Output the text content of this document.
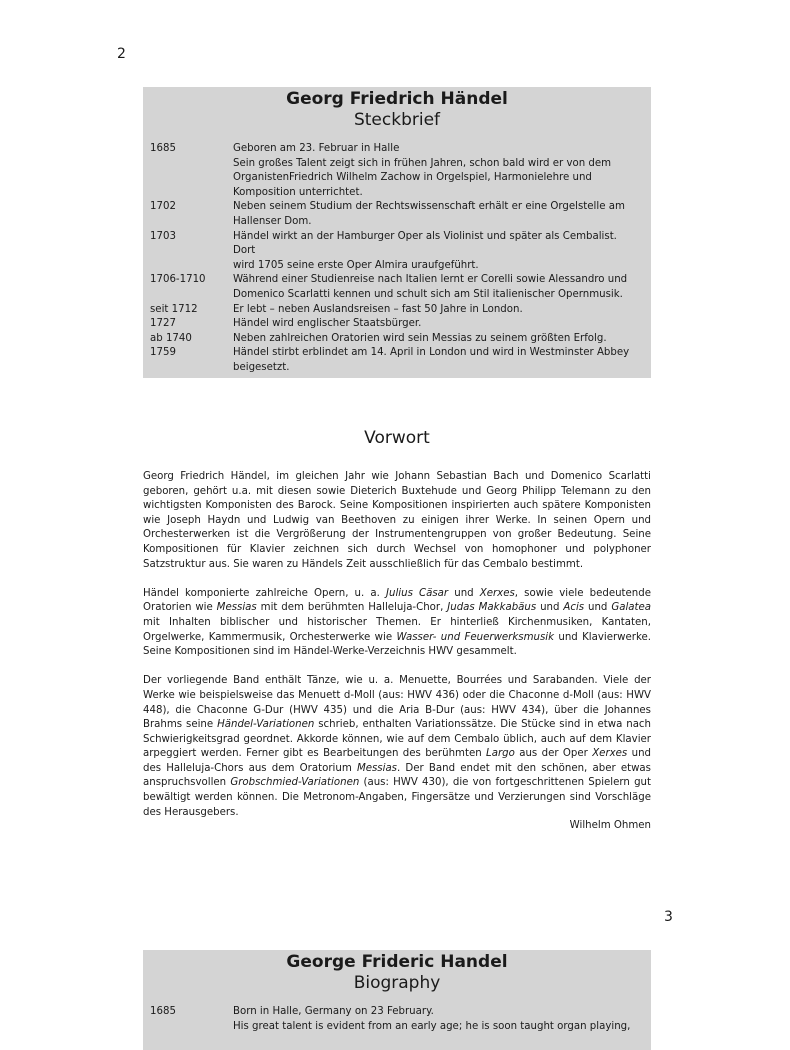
2
Georg Friedrich Händel
Steckbrief
1685	Geboren am 23. Februar in Halle
Sein großes Talent zeigt sich in frühen Jahren, schon bald wird er von dem
OrganistenFriedrich Wilhelm Zachow in Orgelspiel, Harmonielehre und
Komposition unterrichtet.
1702	Neben seinem Studium der Rechtswissenschaft erhält er eine Orgelstelle am
Hallenser Dom.
1703	Händel wirkt an der Hamburger Oper als Violinist und später als Cembalist. Dort
wird 1705 seine erste Oper Almira uraufgeführt.
1706-1710	Während einer Studienreise nach Italien lernt er Corelli sowie Alessandro und
Domenico Scarlatti kennen und schult sich am Stil italienischer Opernmusik.
seit 1712	Er lebt – neben Auslandsreisen – fast 50 Jahre in London.
1727	Händel wird englischer Staatsbürger.
ab 1740	Neben zahlreichen Oratorien wird sein Messias zu seinem größten Erfolg.
1759	Händel stirbt erblindet am 14. April in London und wird in Westminster Abbey
beigesetzt.
Vorwort

Georg Friedrich Händel, im gleichen Jahr wie Johann Sebastian Bach und Domenico Scarlatti geboren, gehört u.a. mit diesen sowie Dieterich Buxtehude und Georg Philipp Telemann zu den wichtigsten Komponisten des Barock. Seine Kompositionen inspirierten auch spätere Komponisten wie Joseph Haydn und Ludwig van Beethoven zu einigen ihrer Werke. In seinen Opern und Orchesterwerken ist die Vergrößerung der Instrumentengruppen von großer Bedeutung. Seine Kompositionen für Klavier zeichnen sich durch Wechsel von homophoner und polyphoner Satzstruktur aus. Sie waren zu Händels Zeit ausschließlich für das Cembalo bestimmt.

Händel komponierte zahlreiche Opern, u. a. Julius Cäsar und Xerxes, sowie viele bedeutende Oratorien wie Messias mit dem berühmten Halleluja-Chor, Judas Makkabäus und Acis und Galatea mit Inhalten biblischer und historischer Themen. Er hinterließ Kirchenmusiken, Kantaten, Orgelwerke, Kammermusik, Orchesterwerke wie Wasser- und Feuerwerksmusik und Klavierwerke. Seine Kompositionen sind im Händel-Werke-Verzeichnis HWV gesammelt.

Der vorliegende Band enthält Tänze, wie u. a. Menuette, Bourrées und Sarabanden. Viele der Werke wie beispielsweise das Menuett d-Moll (aus: HWV 436) oder die Chaconne d-Moll (aus: HWV 448), die Chaconne G-Dur (HWV 435) und die Aria B-Dur (aus: HWV 434), über die Johannes Brahms seine Händel-Variationen schrieb, enthalten Variationssätze. Die Stücke sind in etwa nach Schwierigkeitsgrad geordnet. Akkorde können, wie auf dem Cembalo üblich, auch auf dem Klavier arpeggiert werden. Ferner gibt es Bearbeitungen des berühmten Largo aus der Oper Xerxes und des Halleluja-Chors aus dem Oratorium Messias. Der Band endet mit den schönen, aber etwas anspruchsvollen Grobschmied-Variationen (aus: HWV 430), die von fortgeschrittenen Spielern gut bewältigt werden können. Die Metronom-Angaben, Fingersätze und Verzierungen sind Vorschläge des Herausgebers.

Wilhelm Ohmen
3
George Frideric Handel
Biography
1685	Born in Halle, Germany on 23 February.
His great talent is evident from an early age; he is soon taught organ playing,
